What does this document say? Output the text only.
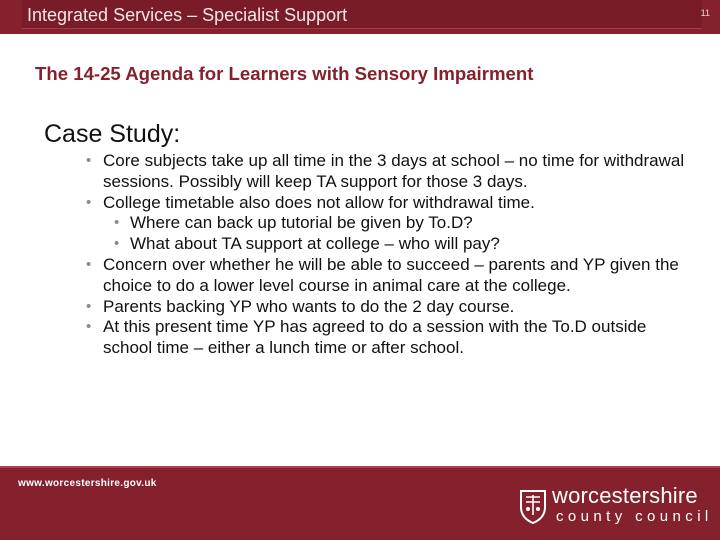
Integrated Services – Specialist Support	11
The 14-25 Agenda for Learners with Sensory Impairment
Case Study:
• Core subjects take up all time in the 3 days at school – no time for withdrawal sessions. Possibly will keep TA support for those 3 days.
• College timetable also does not allow for withdrawal time.
• Where can back up tutorial be given by To.D?
• What about TA support at college – who will pay?
• Concern over whether he will be able to succeed – parents and YP given the choice to do a lower level course in animal care at the college.
• Parents backing YP who wants to do the 2 day course.
• At this present time YP has agreed to do a session with the To.D outside school time – either a lunch time or after school.
www.worcestershire.gov.uk	worcestershire
county council
